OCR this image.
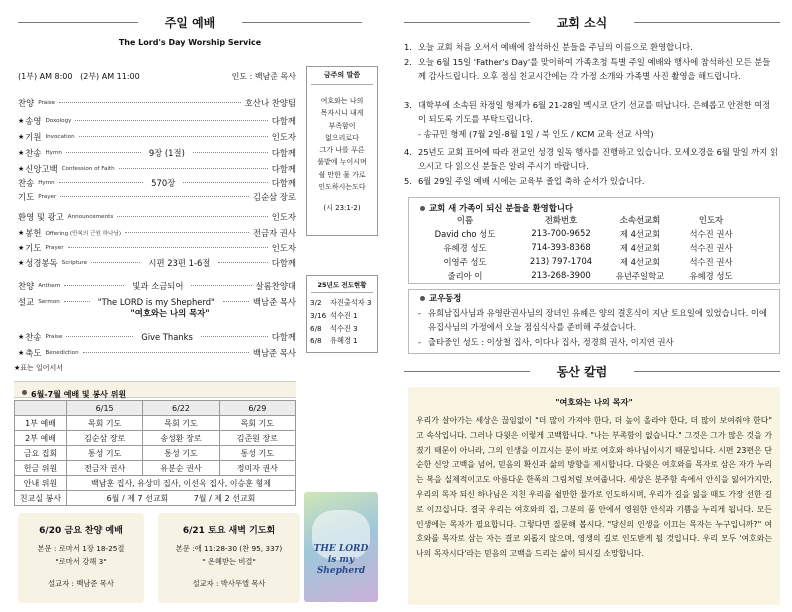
주일 예배
The Lord's Day Worship Service
(1부) AM 8:00   (2부) AM 11:00	인도 : 백남준 목사
찬양 Praise	호산나 찬양팀
★ 송영 Doxology	다함께
★ 기원 Invocation	인도자
★ 찬송 Hymn	9장 (1절)	다함께
★ 신앙고백 Confession of Faith	다함께
찬송 Hymn	570장	다함께
기도 Prayer	김순삼 장로
환영 및 광고 Announcements	인도자
★ 봉헌 Offering (만복의 근원 하나님)	전금자 권사
★ 기도 Prayer	인도자
★ 성경봉독 Scripture	시편 23편 1-6절	다함께
찬양 Anthem	빛과 소금되어	살롬찬양대
설교 Sermon	"The LORD is my Shepherd"	백남준 목사
★ 찬송 Praise	Give Thanks	다함께
★ 축도 Benediction	백남준 목사
"여호와는 나의 목자"
★표는 일어서서
금주의 말씀
여호와는 나의
목자시니 내게
부족함이
없으리로다
그가 나를 푸른
풀밭에 누이시며
쉴 만한 물 가로
인도하시는도다
(시 23:1-2)
25년도 전도현황
3/2 자진출석자 3
3/16 석수진 1
6/8 석수진 3
6/8 유혜경 1
6월-7월 예배 및 봉사 위원
	6/15	6/22	6/29
1부 예배	목회 기도	목회 기도	목회 기도
2부 예배	김순삼 장로	송성환 장로	김준원 장로
금요 집회	통성 기도	통성 기도	통성 기도
헌금 위원	전금자 권사	유분순 권사	정미자 권사
안내 위원	백남훈 집사, 유상미 집사, 이선옥 집사, 이승훈 형제		
친교실 봉사	6월 / 제 7 선교회          7월 / 제 2 선교회		
6/20 금요 찬양 예배
본문 : 로마서 1장 18-25절
"로마서 강해 3"
설교자 : 백남준 목사
6/21 토요 새벽 기도회
본문 :애 11:28-30 (찬 95, 337)
" 온혜받는 비결"
설교자 : 박사무엘 목사
THE LORD is my Shepherd
교회 소식
1. 오늘 교회 처음 오셔서 예배에 참석하신 분들을 주님의 이름으로 환영합니다.
2. 오늘 6월 15일 'Father's Day'를 맞이하여 가족초청 특별 주일 예배와 행사에 참석하신 모든 분들께 감사드립니다. 오후 점심 친교시간에는 각 가정 소개와 가족별 사진 촬영을 해드립니다.
3. 대학부에 소속된 차정일 형제가 6월 21-28일 멕시코 단기 선교를 떠납니다. 은혜롭고 안전한 여정이 되도록 기도를 부탁드립니다.
- 송규민 형제 (7월 2일-8월 1일 / 북 인도 / KCM 교육 선교 사역)
4. 25년도 교회 표어에 따라 전교인 성경 일독 행사를 진행하고 있습니다. 모세오경을 6월 말일 까지 읽으시고 다 읽으신 분들은 알려 주시기 바랍니다.
5. 6월 29일 주일 예배 시에는 교육부 졸업 축하 순서가 있습니다.
교회 새 가족이 되신 분들을 환영합니다
이름	전화번호	소속선교회	인도자
David cho 성도	213-700-9652	제 4선교회	석수진 권사
유혜경 성도	714-393-8368	제 4선교회	석수진 권사
이영주 성도	213) 797-1704	제 4선교회	석수진 권사
줄리아 이	213-268-3900	유년주일학교	유혜경 성도
교우동정
- 유희남집사님과 유영란권사님의 장녀인 유혜은 양의 결혼식이 지난 토요일에 있었습니다. 이에 유집사님의 가정에서 오늘 점심식사를 준비해 주셨습니다.
- 출타중인 성도 : 이상철 집사, 이다나 집사, 정경희 권사, 이지연 권사
동산 칼럼
"여호와는 나의 목자"
우리가 살아가는 세상은 끊임없이 "더 많이 가져야 한다, 더 높이 올라야 한다, 더 많이 보여줘야 한다" 고 속삭입니다. 그러나 다윗은 이렇게 고백합니다. "나는 부족함이 없습니다." 그것은 그가 많은 것을 가졌기 때문이 아니라, 그의 인생을 이끄시는 분이 바로 여호와 하나님이시기 때문입니다. 시편 23편은 단순한 신앙 고백을 넘어, 믿음의 확신과 삶의 방향을 제시합니다. 다윗은 여호와를 목자로 삼은 자가 누리는 복을 실제적이고도 아름다운 한폭의 그림처럼 보여줍니다. 세상은 분주함 속에서 안식을 잃어가지만, 우리의 목자 되신 하나님은 지친 우리를 쉴만한 물가로 인도하시며, 우리가 길을 잃을 때도 가장 선한 길로 이끄십니다. 결국 우리는 여호와의 집, 그분의 품 안에서 영원한 안식과 기쁨을 누리게 됩니다. 모든 인생에는 목자가 필요합니다. 그렇다면 질문해 봅시다. "당신의 인생을 이끄는 목자는 누구입니까?" 여호와를 목자로 삼는 자는 결코 외롭지 않으며, 영생의 길로 인도받게 될 것입니다. 우리 모두 '여호와는 나의 목자시다'라는 믿음의 고백을 드리는 삶이 되시길 소망합니다.
